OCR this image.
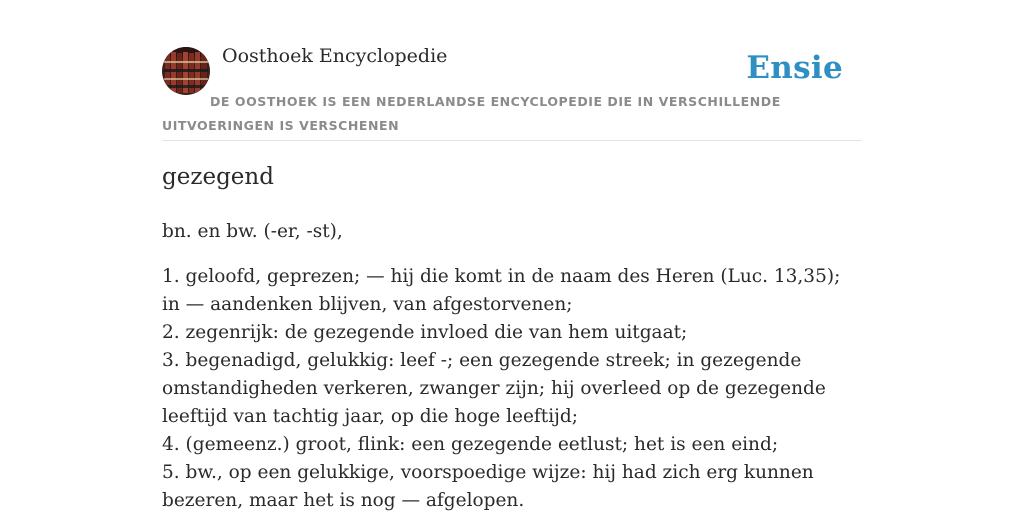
Oosthoek Encyclopedie	Ensie

DE OOSTHOEK IS EEN NEDERLANDSE ENCYCLOPEDIE DIE IN VERSCHILLENDE UITVOERINGEN IS VERSCHENEN

gezegend

bn. en bw. (-er, -st),

1. geloofd, geprezen; — hij die komt in de naam des Heren (Luc. 13,35); in — aandenken blijven, van afgestorvenen;
2. zegenrijk: de gezegende invloed die van hem uitgaat;
3. begenadigd, gelukkig: leef -; een gezegende streek; in gezegende omstandigheden verkeren, zwanger zijn; hij overleed op de gezegende leeftijd van tachtig jaar, op die hoge leeftijd;
4. (gemeenz.) groot, flink: een gezegende eetlust; het is een eind;
5. bw., op een gelukkige, voorspoedige wijze: hij had zich erg kunnen bezeren, maar het is nog — afgelopen.
